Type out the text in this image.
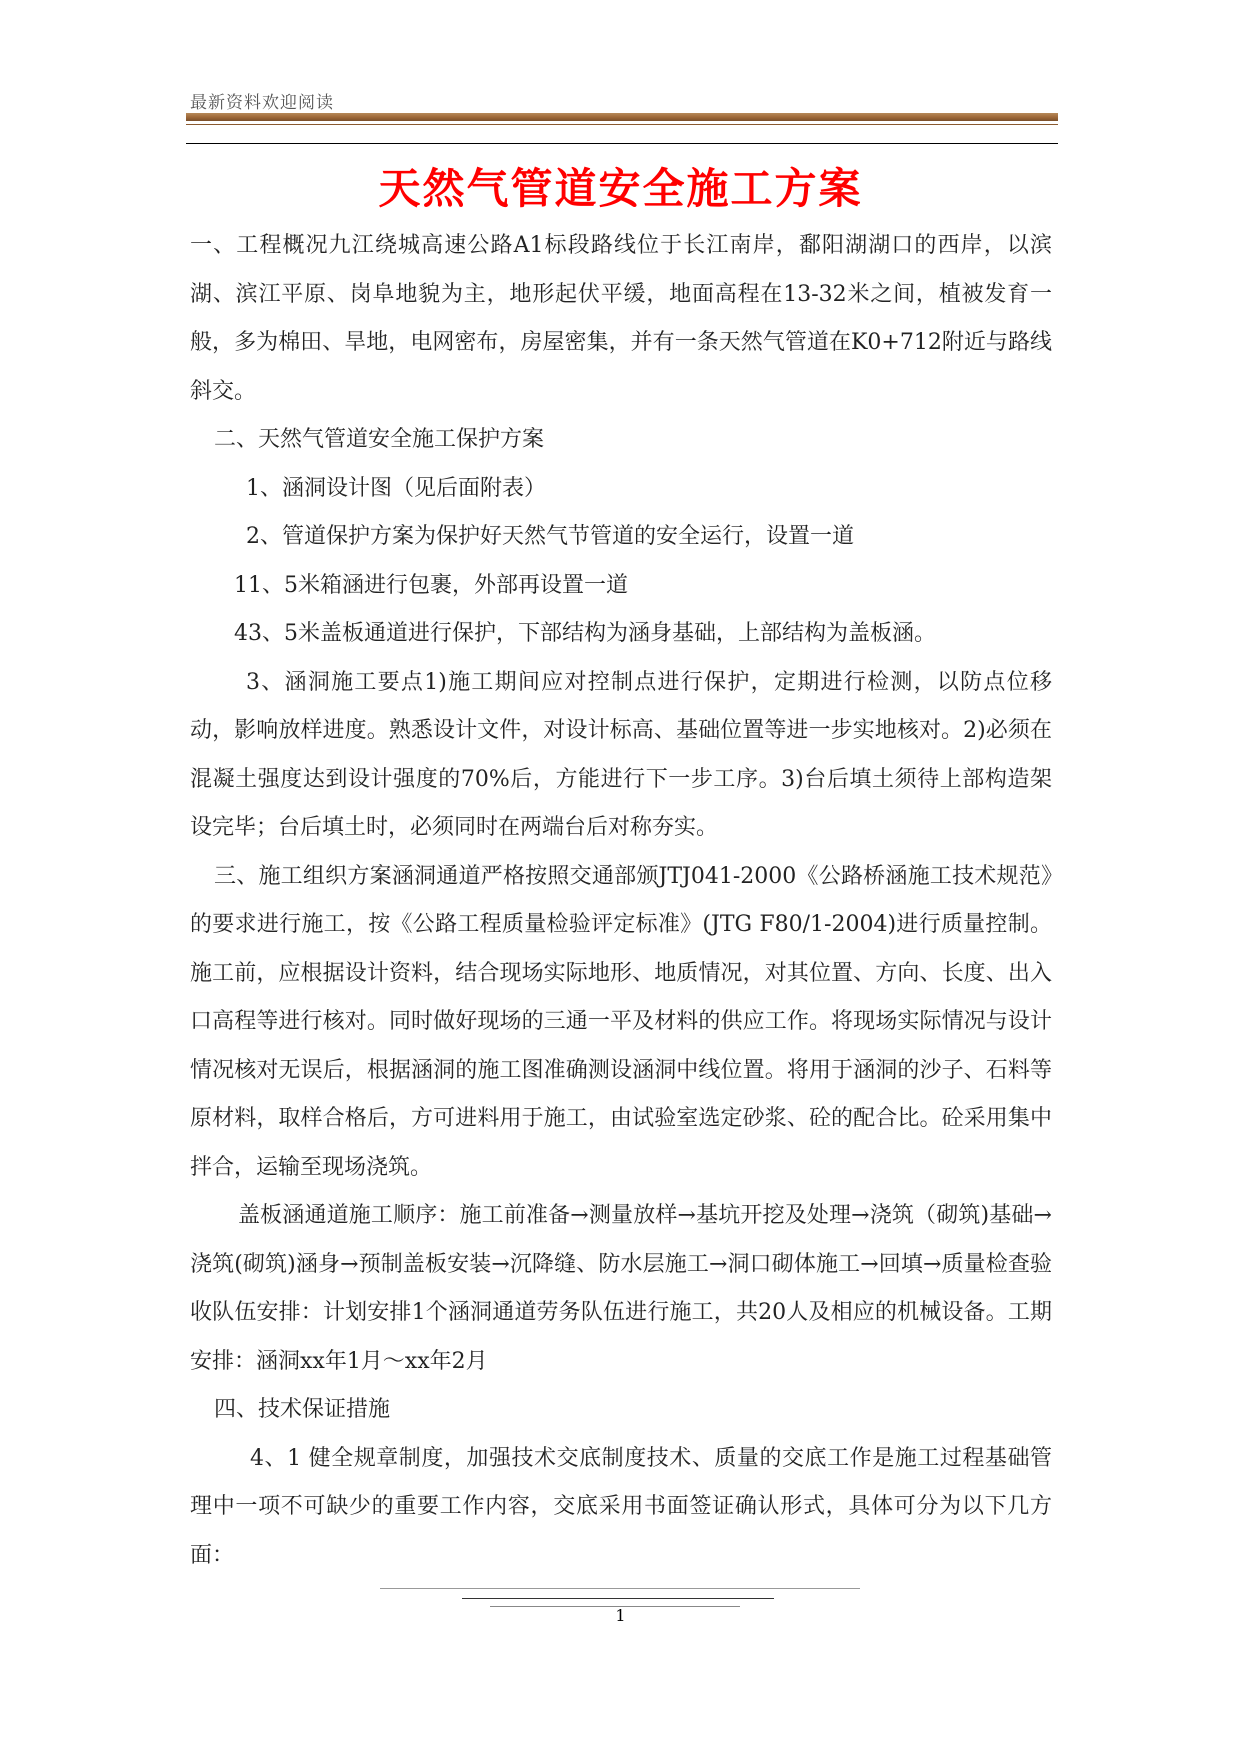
最新资料欢迎阅读
天然气管道安全施工方案

一、工程概况九江绕城高速公路A1标段路线位于长江南岸，鄱阳湖湖口的西岸，以滨湖、滨江平原、岗阜地貌为主，地形起伏平缓，地面高程在13-32米之间，植被发育一般，多为棉田、旱地，电网密布，房屋密集，并有一条天然气管道在K0+712附近与路线斜交。

二、天然气管道安全施工保护方案

1、涵洞设计图（见后面附表）

2、管道保护方案为保护好天然气节管道的安全运行，设置一道

11、5米箱涵进行包裹，外部再设置一道

43、5米盖板通道进行保护，下部结构为涵身基础，上部结构为盖板涵。

3、涵洞施工要点1)施工期间应对控制点进行保护，定期进行检测，以防点位移动，影响放样进度。熟悉设计文件，对设计标高、基础位置等进一步实地核对。2)必须在混凝土强度达到设计强度的70%后，方能进行下一步工序。3)台后填土须待上部构造架设完毕；台后填土时，必须同时在两端台后对称夯实。

三、施工组织方案涵洞通道严格按照交通部颁JTJ041-2000《公路桥涵施工技术规范》的要求进行施工，按《公路工程质量检验评定标准》(JTG F80/1-2004)进行质量控制。施工前，应根据设计资料，结合现场实际地形、地质情况，对其位置、方向、长度、出入口高程等进行核对。同时做好现场的三通一平及材料的供应工作。将现场实际情况与设计情况核对无误后，根据涵洞的施工图准确测设涵洞中线位置。将用于涵洞的沙子、石料等原材料，取样合格后，方可进料用于施工，由试验室选定砂浆、砼的配合比。砼采用集中拌合，运输至现场浇筑。

盖板涵通道施工顺序：施工前准备→测量放样→基坑开挖及处理→浇筑（砌筑)基础→浇筑(砌筑)涵身→预制盖板安装→沉降缝、防水层施工→洞口砌体施工→回填→质量检查验收队伍安排：计划安排1个涵洞通道劳务队伍进行施工，共20人及相应的机械设备。工期安排：涵洞xx年1月～xx年2月

四、技术保证措施

4、1 健全规章制度，加强技术交底制度技术、质量的交底工作是施工过程基础管理中一项不可缺少的重要工作内容，交底采用书面签证确认形式，具体可分为以下几方面：

1
